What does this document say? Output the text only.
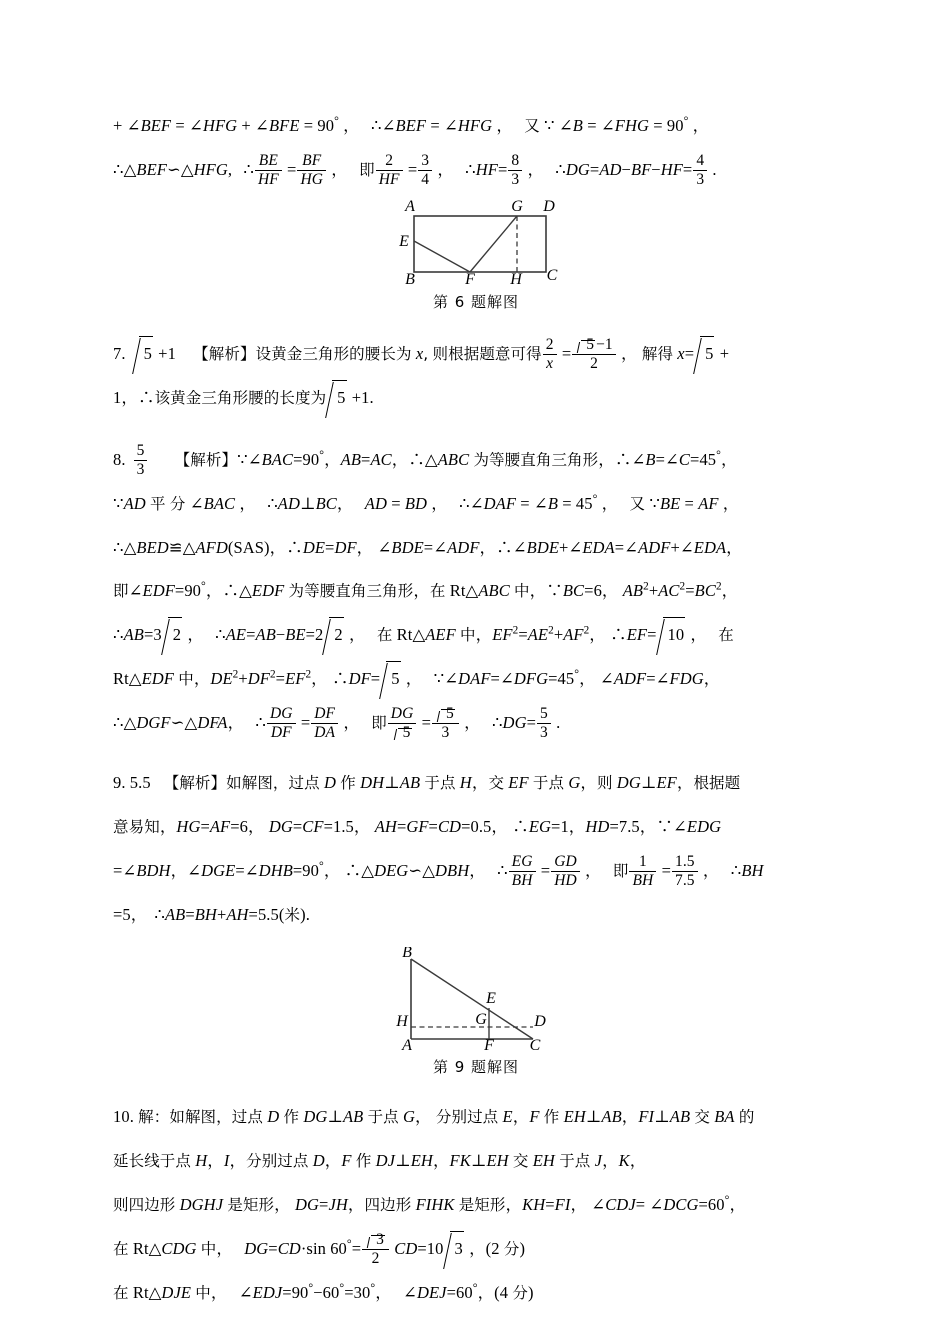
+ ∠BEF = ∠HFG + ∠BFE = 90° ， ∴∠BEF = ∠HFG ， 又 ∵ ∠B = ∠FHG = 90° ，
∴△BEF∽△HFG, ∴ $\frac{BE}{HF} = \frac{BF}{HG}$ ， 即 $\frac{2}{HF} = \frac{3}{4}$ ， ∴HF= $\frac{8}{3}$ ， ∴DG=AD−BF−HF= $\frac{4}{3}$ .
A	G D
E
B	F H C
第 6 题解图
7. 5 +1 【解析】设黄金三角形的腰长为 x, 则根据题意可得 $\frac{2}{x} = \frac{5 -1}{2}$ ， 解得 x= 5 +
1，∴该黄金三角形腰的长度为 5 +1.
8. $\frac{5}{3}$ 【解析】∵∠BAC=90°，AB=AC，∴△ABC 为等腰直角三角形，∴∠B=∠C=45°，
∵AD 平 分 ∠BAC ， ∴AD⊥BC， AD = BD ， ∴∠DAF = ∠B = 45° ， 又 ∵BE = AF ，
∴△BED≌△AFD(SAS)，∴DE=DF， ∠BDE=∠ADF，∴∠BDE+∠EDA=∠ADF+∠EDA，
即∠EDF=90°，∴△EDF 为等腰直角三角形，在 Rt△ABC 中，∵BC=6， $AB^2+AC^2=BC^2$，
∴AB=3 2 ， ∴AE=AB−BE=2 2 ， 在 Rt△AEF 中，$EF^2=AE^2+AF^2$， ∴EF= 10 ， 在
Rt△EDF 中，$DE^2+DF^2=EF^2$， ∴DF= 5 ， ∵∠DAF=∠DFG=45°， ∠ADF=∠FDG，
∴△DGF∽△DFA， ∴ $\frac{DG}{DF} = \frac{DF}{DA}$ ， 即 $\frac{DG}{5} = \frac{5}{3}$ ， ∴DG= $\frac{5}{3}$ .
9. 5.5 【解析】如解图，过点 D 作 DH⊥AB 于点 H，交 EF 于点 G，则 DG⊥EF，根据题
意易知，HG=AF=6， DG=CF=1.5， AH=GF=CD=0.5， ∴EG=1，HD=7.5，∵∠EDG
=∠BDH，∠DGE=∠DHB=90°， ∴△DEG∽△DBH， ∴ $\frac{EG}{BH} = \frac{GD}{HD}$ ， 即 $\frac{1}{BH} = \frac{1.5}{7.5}$ ， ∴BH
=5， ∴AB=BH+AH=5.5(米).
B
E
H	G	D
A	F C
第 9 题解图
10. 解：如解图，过点 D 作 DG⊥AB 于点 G， 分别过点 E，F 作 EH⊥AB，FI⊥AB 交 BA 的
延长线于点 H，I，分别过点 D，F 作 DJ⊥EH，FK⊥EH 交 EH 于点 J，K，
则四边形 DGHJ 是矩形， DG=JH，四边形 FIHK 是矩形，KH=FI， ∠CDJ= ∠DCG=60°，
在 Rt△CDG 中， DG=CD·sin $60^\circ= \frac{3}{2} CD=10$ 3 ，(2 分)
在 Rt△DJE 中， ∠EDJ=90°−60°=30°， ∠DEJ=60°，(4 分)
